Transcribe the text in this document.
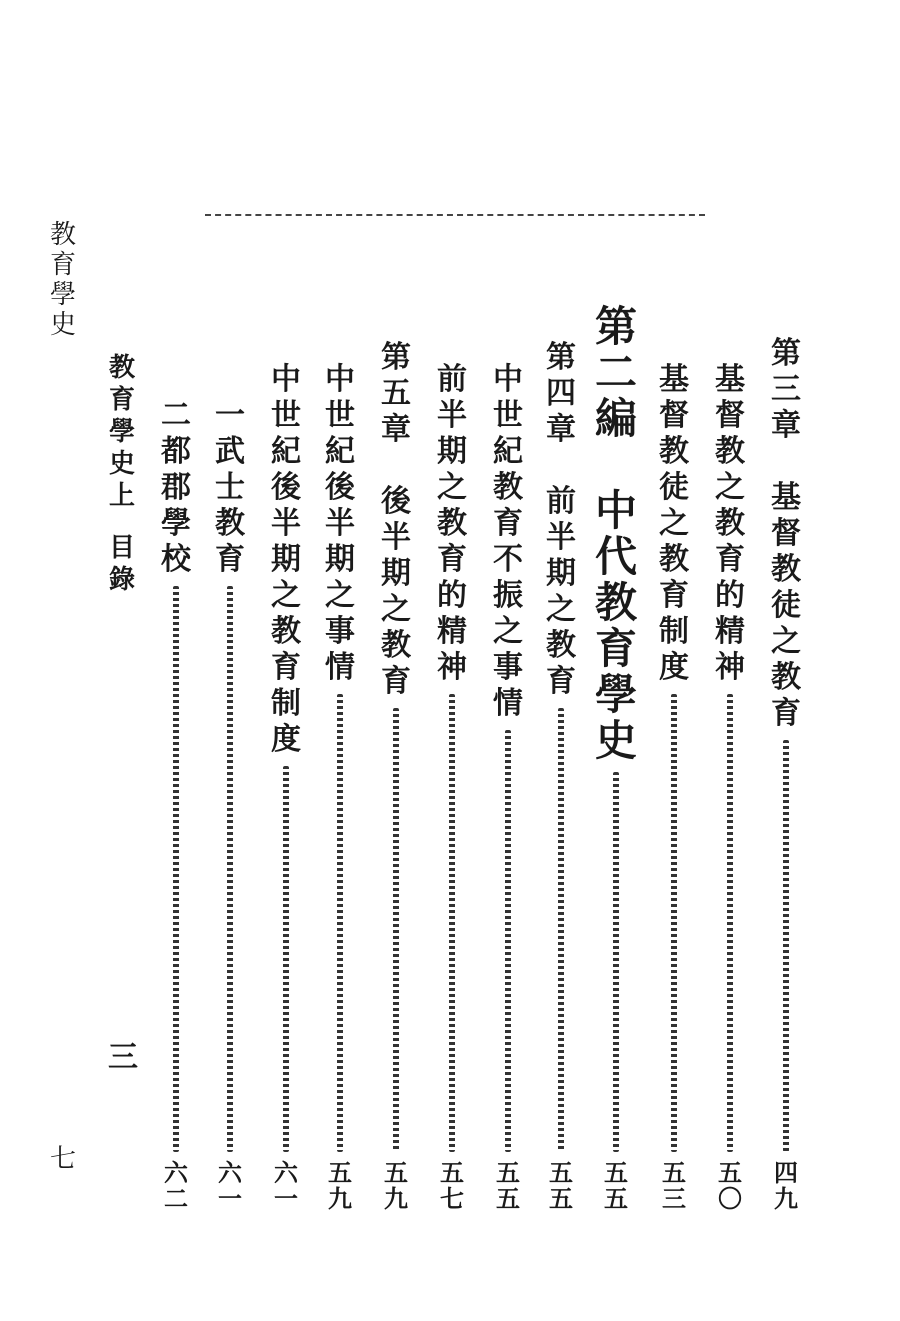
教
育
學
史
七
教
育
學
史
上
目
錄
三
第
三
章

基
督
教
徒
之
教
育
四
九
基
督
教
之
教
育
的
精
神
五
〇
基
督
教
徒
之
教
育
制
度
五
三
第
二
編

中
代
教
育
學
史
五
五
第
四
章

前
半
期
之
教
育
五
五
中
世
紀
教
育
不
振
之
事
情
五
五
前
半
期
之
教
育
的
精
神
五
七
第
五
章

後
半
期
之
教
育
五
九
中
世
紀
後
半
期
之
事
情
五
九
中
世
紀
後
半
期
之
教
育
制
度
六
一
一
武
士
教
育
六
一
二
都
郡
學
校
六
二
